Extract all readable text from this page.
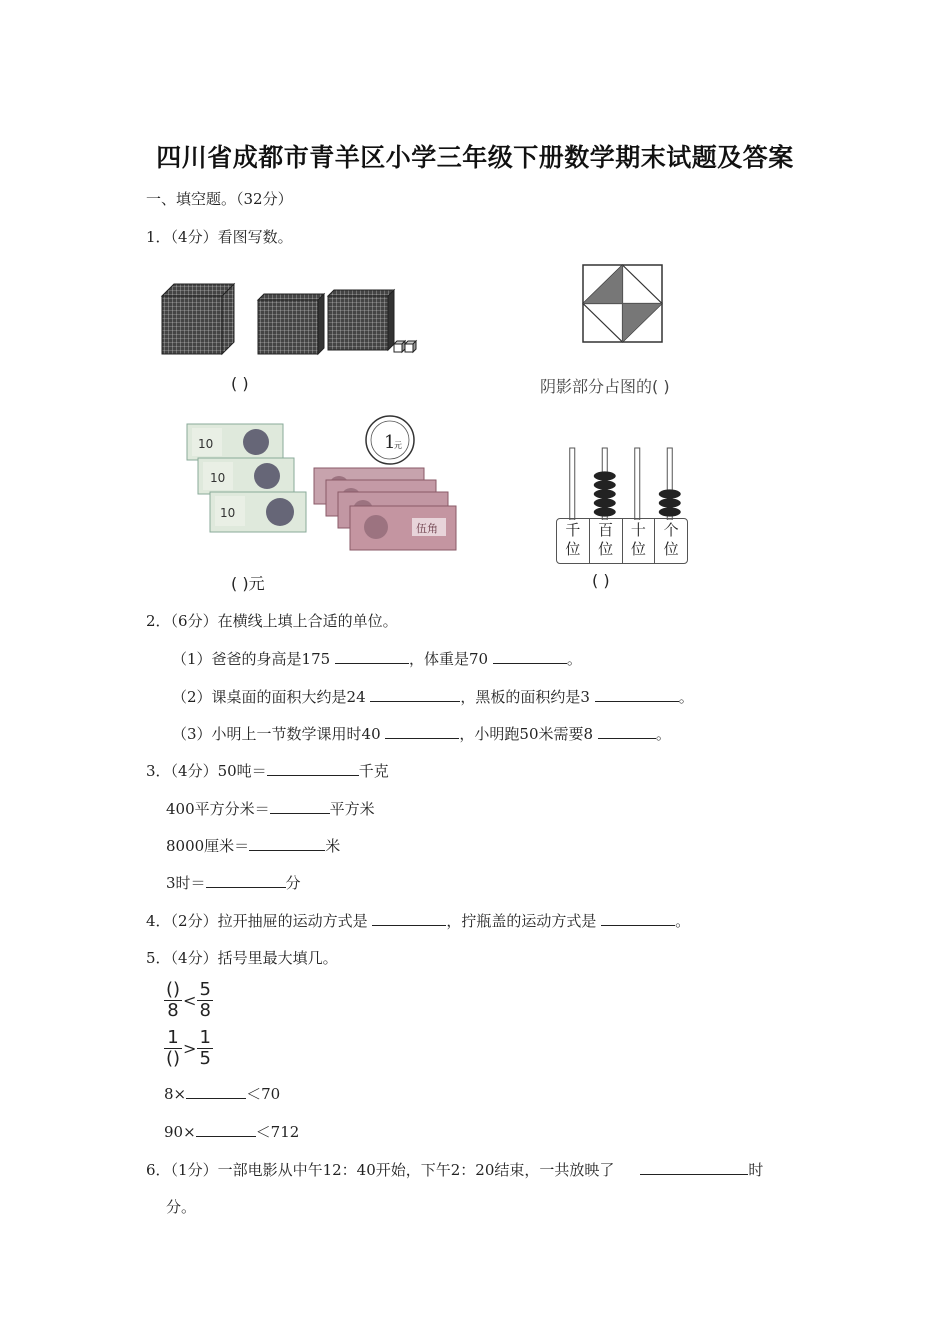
四川省成都市青羊区小学三年级下册数学期末试题及答案
一、填空题。（32分）
1．（4分）看图写数。
( )	阴影部分占图的( )
10
10
10
1
元
伍角
( )元
千位
百位
十位
个位
( )
2．（6分）在横线上填上合适的单位。
（1）爸爸的身高是175	，体重是70	。
（2）课桌面的面积大约是24	，黑板的面积约是3	。
（3）小明上一节数学课用时40	，小明跑50米需要8	。
3．（4分）50吨＝	千克
400平方分米＝	平方米
8000厘米＝	米
3时＝	分
4．（2分）拉开抽屉的运动方式是	，拧瓶盖的运动方式是	。
5．（4分）括号里最大填几。
$\frac{()}{8} < \frac{5}{8}$
$\frac{1}{()} > \frac{1}{5}$
8×	＜70
90×	＜712
6．（1分）一部电影从中午12：40开始，下午2：20结束，一共放映了	时
分。
